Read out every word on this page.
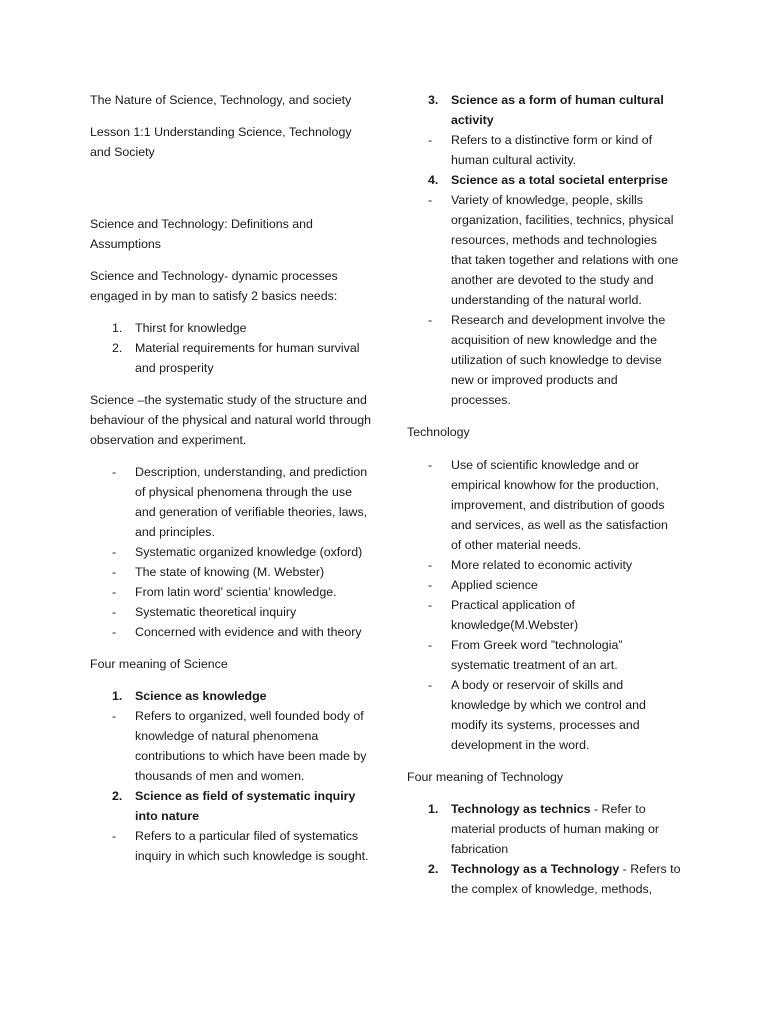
The Nature of Science, Technology, and society

Lesson 1:1 Understanding Science, Technology and Society

Science and Technology: Definitions and Assumptions

Science and Technology- dynamic processes engaged in by man to satisfy 2 basics needs:

1. Thirst for knowledge
2. Material requirements for human survival and prosperity

Science –the systematic study of the structure and behaviour of the physical and natural world through observation and experiment.

- Description, understanding, and prediction of physical phenomena through the use and generation of verifiable theories, laws, and principles.
- Systematic organized knowledge (oxford)
- The state of knowing (M. Webster)
- From latin word’ scientia’ knowledge.
- Systematic theoretical inquiry
- Concerned with evidence and with theory

Four meaning of Science

1. Science as knowledge
- Refers to organized, well founded body of knowledge of natural phenomena contributions to which have been made by thousands of men and women.
2. Science as field of systematic inquiry into nature
- Refers to a particular filed of systematics inquiry in which such knowledge is sought.
3. Science as a form of human cultural activity
- Refers to a distinctive form or kind of human cultural activity.
4. Science as a total societal enterprise
- Variety of knowledge, people, skills organization, facilities, technics, physical resources, methods and technologies that taken together and relations with one another are devoted to the study and understanding of the natural world.
- Research and development involve the acquisition of new knowledge and the utilization of such knowledge to devise new or improved products and processes.

Technology

- Use of scientific knowledge and or empirical knowhow for the production, improvement, and distribution of goods and services, as well as the satisfaction of other material needs.
- More related to economic activity
- Applied science
- Practical application of knowledge(M.Webster)
- From Greek word ”technologia” systematic treatment of an art.
- A body or reservoir of skills and knowledge by which we control and modify its systems, processes and development in the word.

Four meaning of Technology

1. Technology as technics - Refer to material products of human making or fabrication
2. Technology as a Technology - Refers to the complex of knowledge, methods,
